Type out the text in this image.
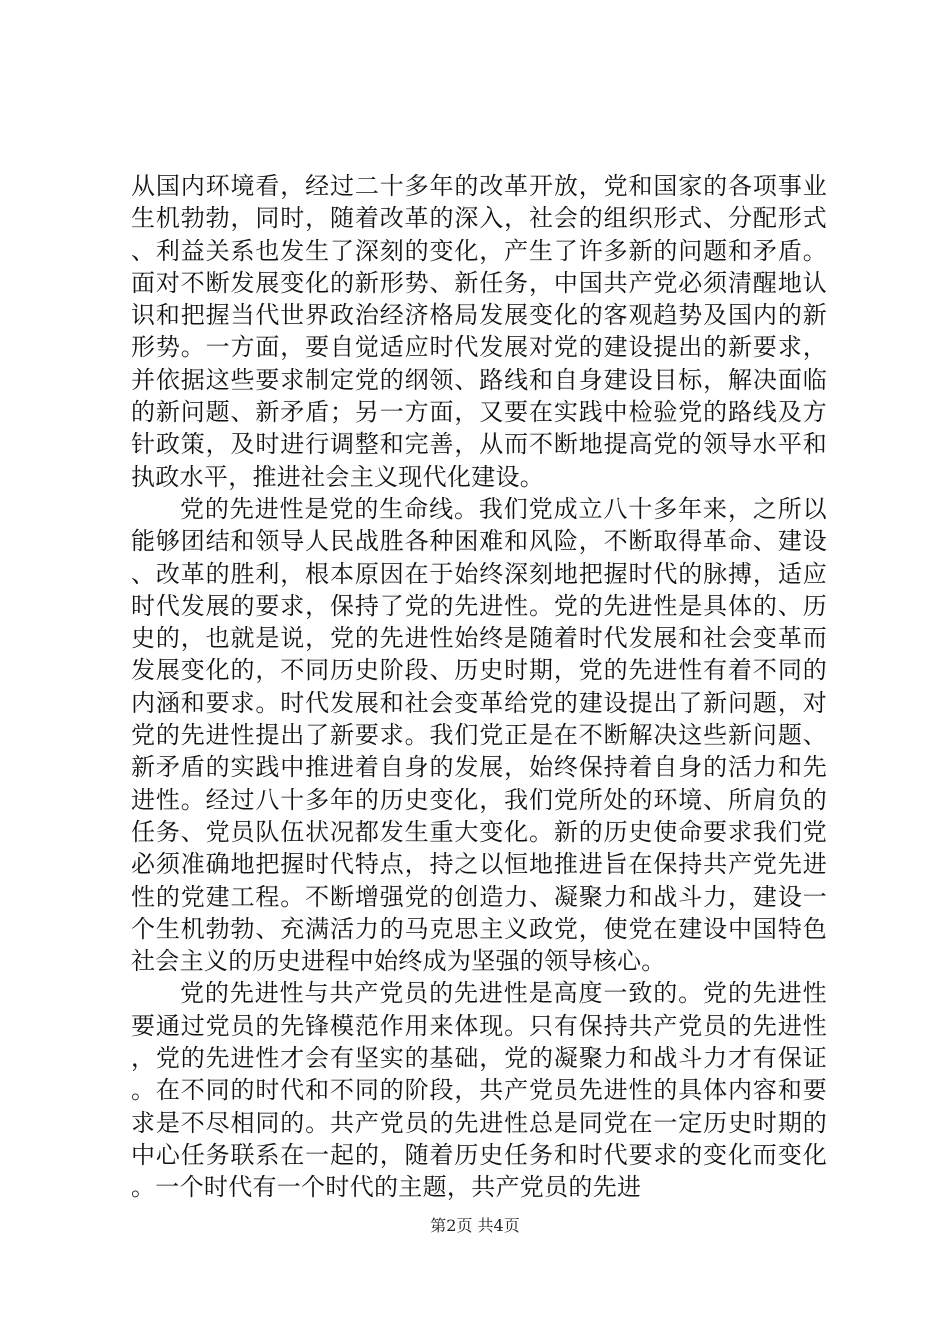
从国内环境看，经过二十多年的改革开放，党和国家的各项事业生机勃勃，同时，随着改革的深入，社会的组织形式、分配形式、利益关系也发生了深刻的变化，产生了许多新的问题和矛盾。面对不断发展变化的新形势、新任务，中国共产党必须清醒地认识和把握当代世界政治经济格局发展变化的客观趋势及国内的新形势。一方面，要自觉适应时代发展对党的建设提出的新要求，并依据这些要求制定党的纲领、路线和自身建设目标，解决面临的新问题、新矛盾；另一方面，又要在实践中检验党的路线及方针政策，及时进行调整和完善，从而不断地提高党的领导水平和执政水平，推进社会主义现代化建设。

党的先进性是党的生命线。我们党成立八十多年来，之所以能够团结和领导人民战胜各种困难和风险，不断取得革命、建设、改革的胜利，根本原因在于始终深刻地把握时代的脉搏，适应时代发展的要求，保持了党的先进性。党的先进性是具体的、历史的，也就是说，党的先进性始终是随着时代发展和社会变革而发展变化的，不同历史阶段、历史时期，党的先进性有着不同的内涵和要求。时代发展和社会变革给党的建设提出了新问题，对党的先进性提出了新要求。我们党正是在不断解决这些新问题、新矛盾的实践中推进着自身的发展，始终保持着自身的活力和先进性。经过八十多年的历史变化，我们党所处的环境、所肩负的任务、党员队伍状况都发生重大变化。新的历史使命要求我们党必须准确地把握时代特点，持之以恒地推进旨在保持共产党先进性的党建工程。不断增强党的创造力、凝聚力和战斗力，建设一个生机勃勃、充满活力的马克思主义政党，使党在建设中国特色社会主义的历史进程中始终成为坚强的领导核心。

党的先进性与共产党员的先进性是高度一致的。党的先进性要通过党员的先锋模范作用来体现。只有保持共产党员的先进性，党的先进性才会有坚实的基础，党的凝聚力和战斗力才有保证。在不同的时代和不同的阶段，共产党员先进性的具体内容和要求是不尽相同的。共产党员的先进性总是同党在一定历史时期的中心任务联系在一起的，随着历史任务和时代要求的变化而变化。一个时代有一个时代的主题，共产党员的先进

第2页 共4页
